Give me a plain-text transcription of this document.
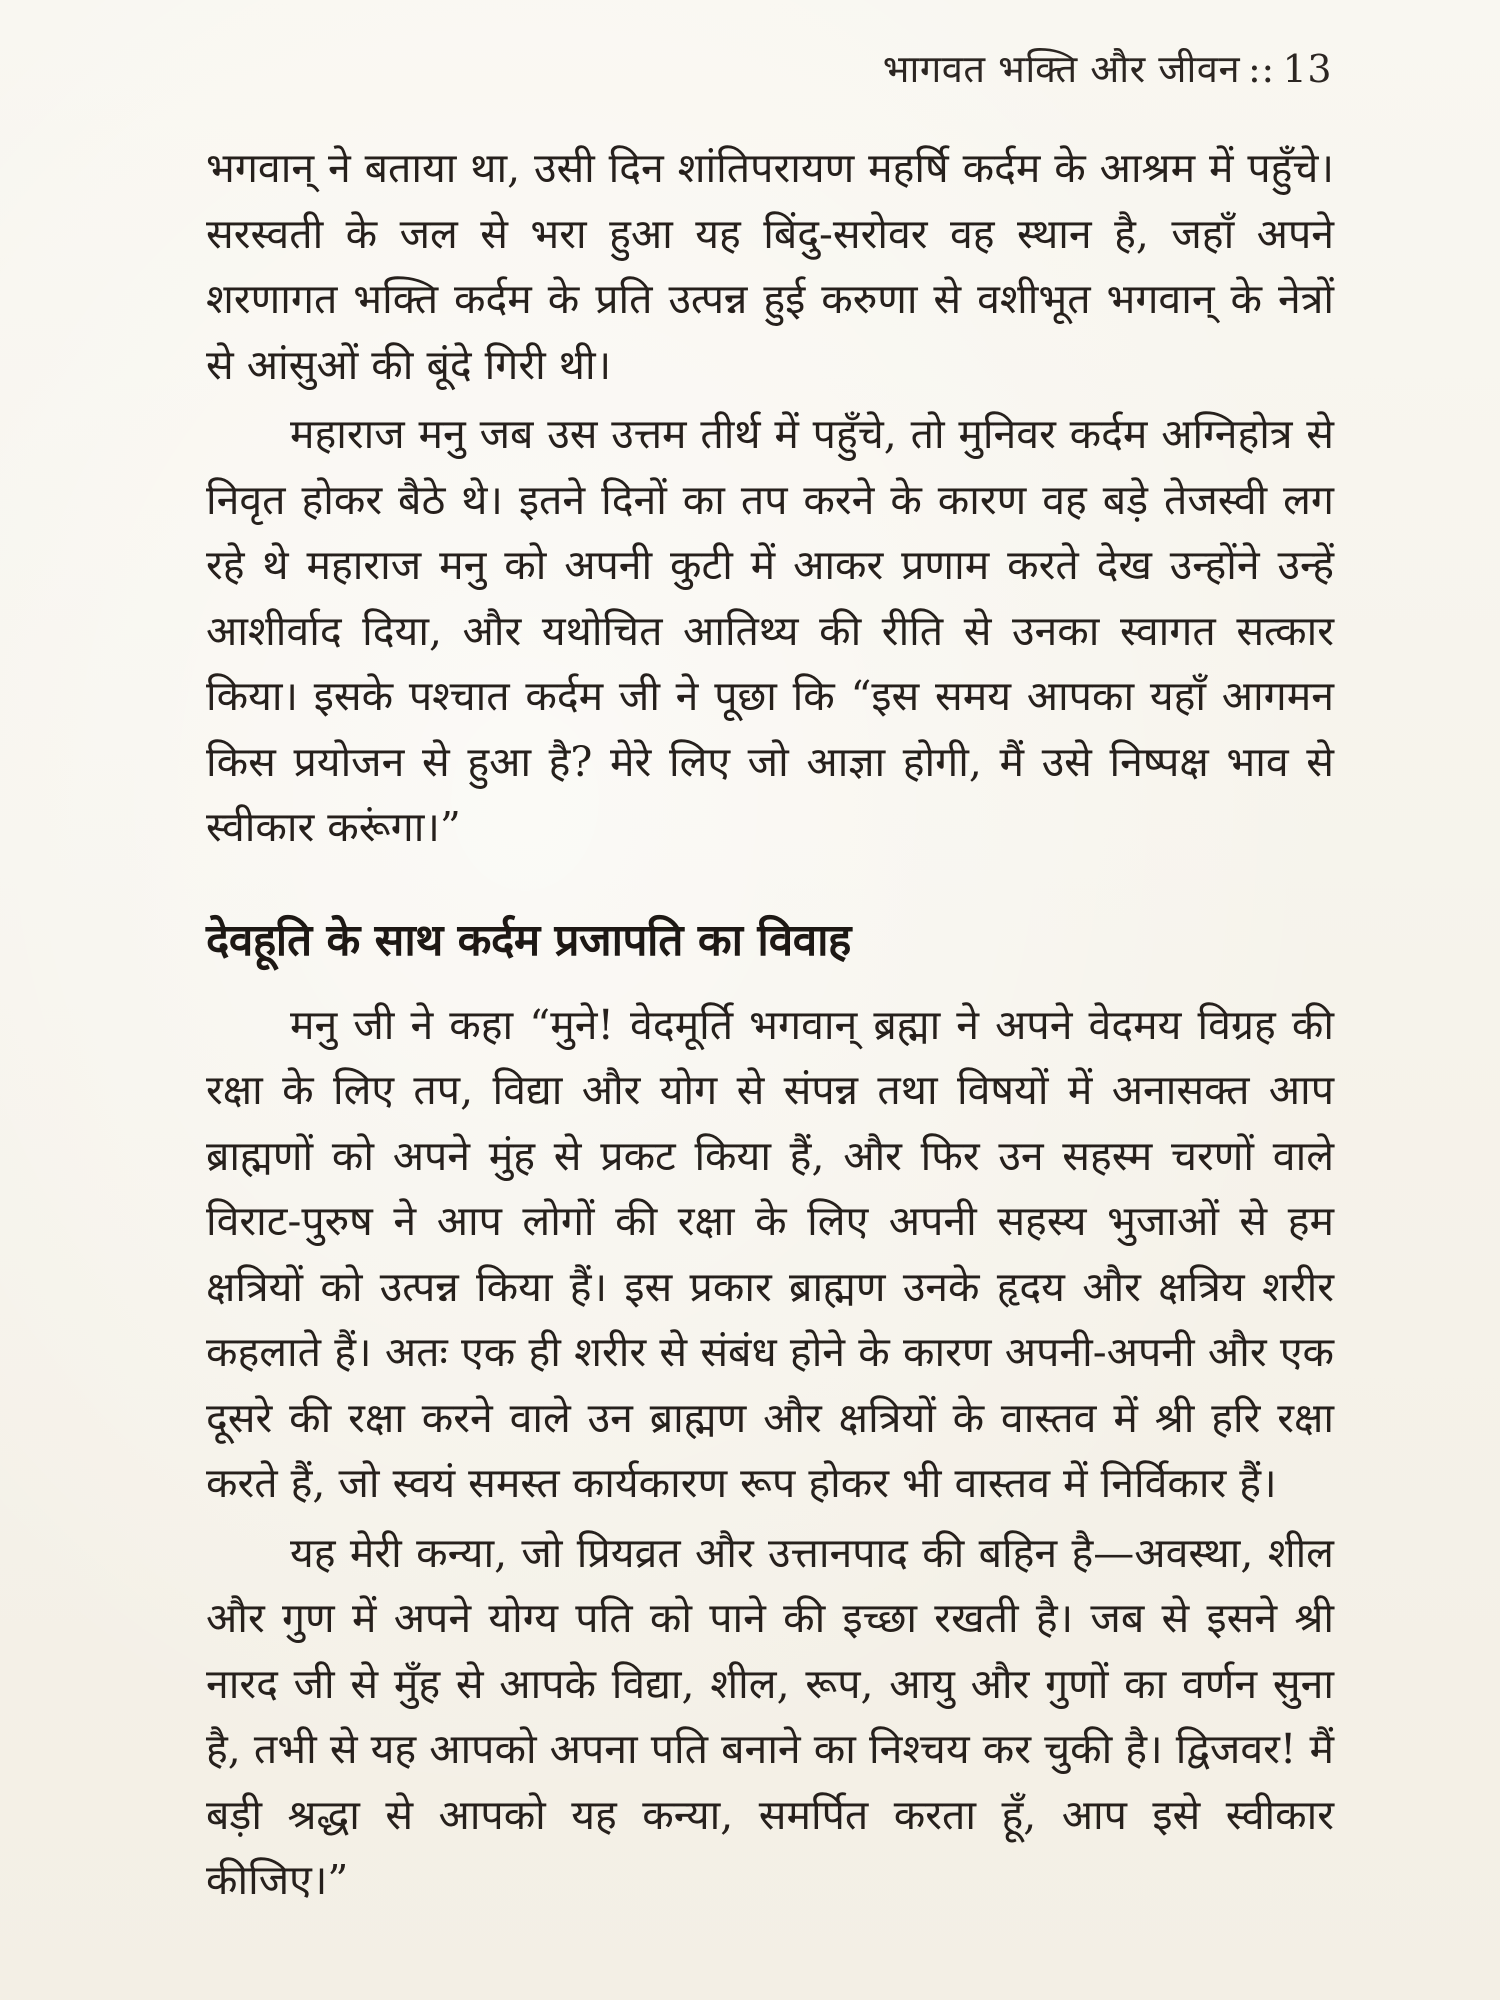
भागवत भक्ति और जीवन :: 13

भगवान् ने बताया था, उसी दिन शांतिपरायण महर्षि कर्दम के आश्रम में पहुँचे। सरस्वती के जल से भरा हुआ यह बिंदु-सरोवर वह स्थान है, जहाँ अपने शरणागत भक्ति कर्दम के प्रति उत्पन्न हुई करुणा से वशीभूत भगवान् के नेत्रों से आंसुओं की बूंदे गिरी थी।

महाराज मनु जब उस उत्तम तीर्थ में पहुँचे, तो मुनिवर कर्दम अग्निहोत्र से निवृत होकर बैठे थे। इतने दिनों का तप करने के कारण वह बड़े तेजस्वी लग रहे थे महाराज मनु को अपनी कुटी में आकर प्रणाम करते देख उन्होंने उन्हें आशीर्वाद दिया, और यथोचित आतिथ्य की रीति से उनका स्वागत सत्कार किया। इसके पश्चात कर्दम जी ने पूछा कि “इस समय आपका यहाँ आगमन किस प्रयोजन से हुआ है? मेरे लिए जो आज्ञा होगी, मैं उसे निष्पक्ष भाव से स्वीकार करूंगा।”

देवहूति के साथ कर्दम प्रजापति का विवाह

मनु जी ने कहा “मुने! वेदमूर्ति भगवान् ब्रह्मा ने अपने वेदमय विग्रह की रक्षा के लिए तप, विद्या और योग से संपन्न तथा विषयों में अनासक्त आप ब्राह्मणों को अपने मुंह से प्रकट किया हैं, और फिर उन सहस्म चरणों वाले विराट-पुरुष ने आप लोगों की रक्षा के लिए अपनी सहस्य भुजाओं से हम क्षत्रियों को उत्पन्न किया हैं। इस प्रकार ब्राह्मण उनके हृदय और क्षत्रिय शरीर कहलाते हैं। अतः एक ही शरीर से संबंध होने के कारण अपनी-अपनी और एक दूसरे की रक्षा करने वाले उन ब्राह्मण और क्षत्रियों के वास्तव में श्री हरि रक्षा करते हैं, जो स्वयं समस्त कार्यकारण रूप होकर भी वास्तव में निर्विकार हैं।

यह मेरी कन्या, जो प्रियव्रत और उत्तानपाद की बहिन है—अवस्था, शील और गुण में अपने योग्य पति को पाने की इच्छा रखती है। जब से इसने श्री नारद जी से मुँह से आपके विद्या, शील, रूप, आयु और गुणों का वर्णन सुना है, तभी से यह आपको अपना पति बनाने का निश्चय कर चुकी है। द्विजवर! मैं बड़ी श्रद्धा से आपको यह कन्या, समर्पित करता हूँ, आप इसे स्वीकार कीजिए।”
